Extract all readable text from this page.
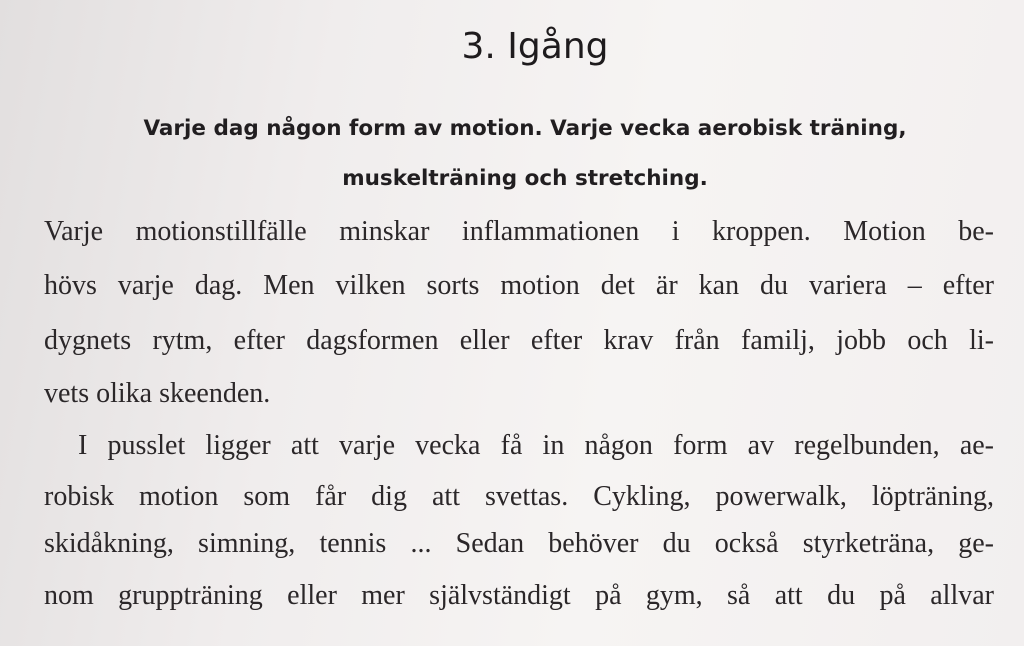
3. Igång

Varje dag någon form av motion. Varje vecka aerobisk träning,

muskelträning och stretching.

Varje motionstillfälle minskar inflammationen i kroppen. Motion be-

hövs varje dag. Men vilken sorts motion det är kan du variera – efter

dygnets rytm, efter dagsformen eller efter krav från familj, jobb och li-

vets olika skeenden.

I pusslet ligger att varje vecka få in någon form av regelbunden, ae-

robisk motion som får dig att svettas. Cykling, powerwalk, löpträning,

skidåkning, simning, tennis ... Sedan behöver du också styrketräna, ge-

nom gruppträning eller mer självständigt på gym, så att du på allvar
